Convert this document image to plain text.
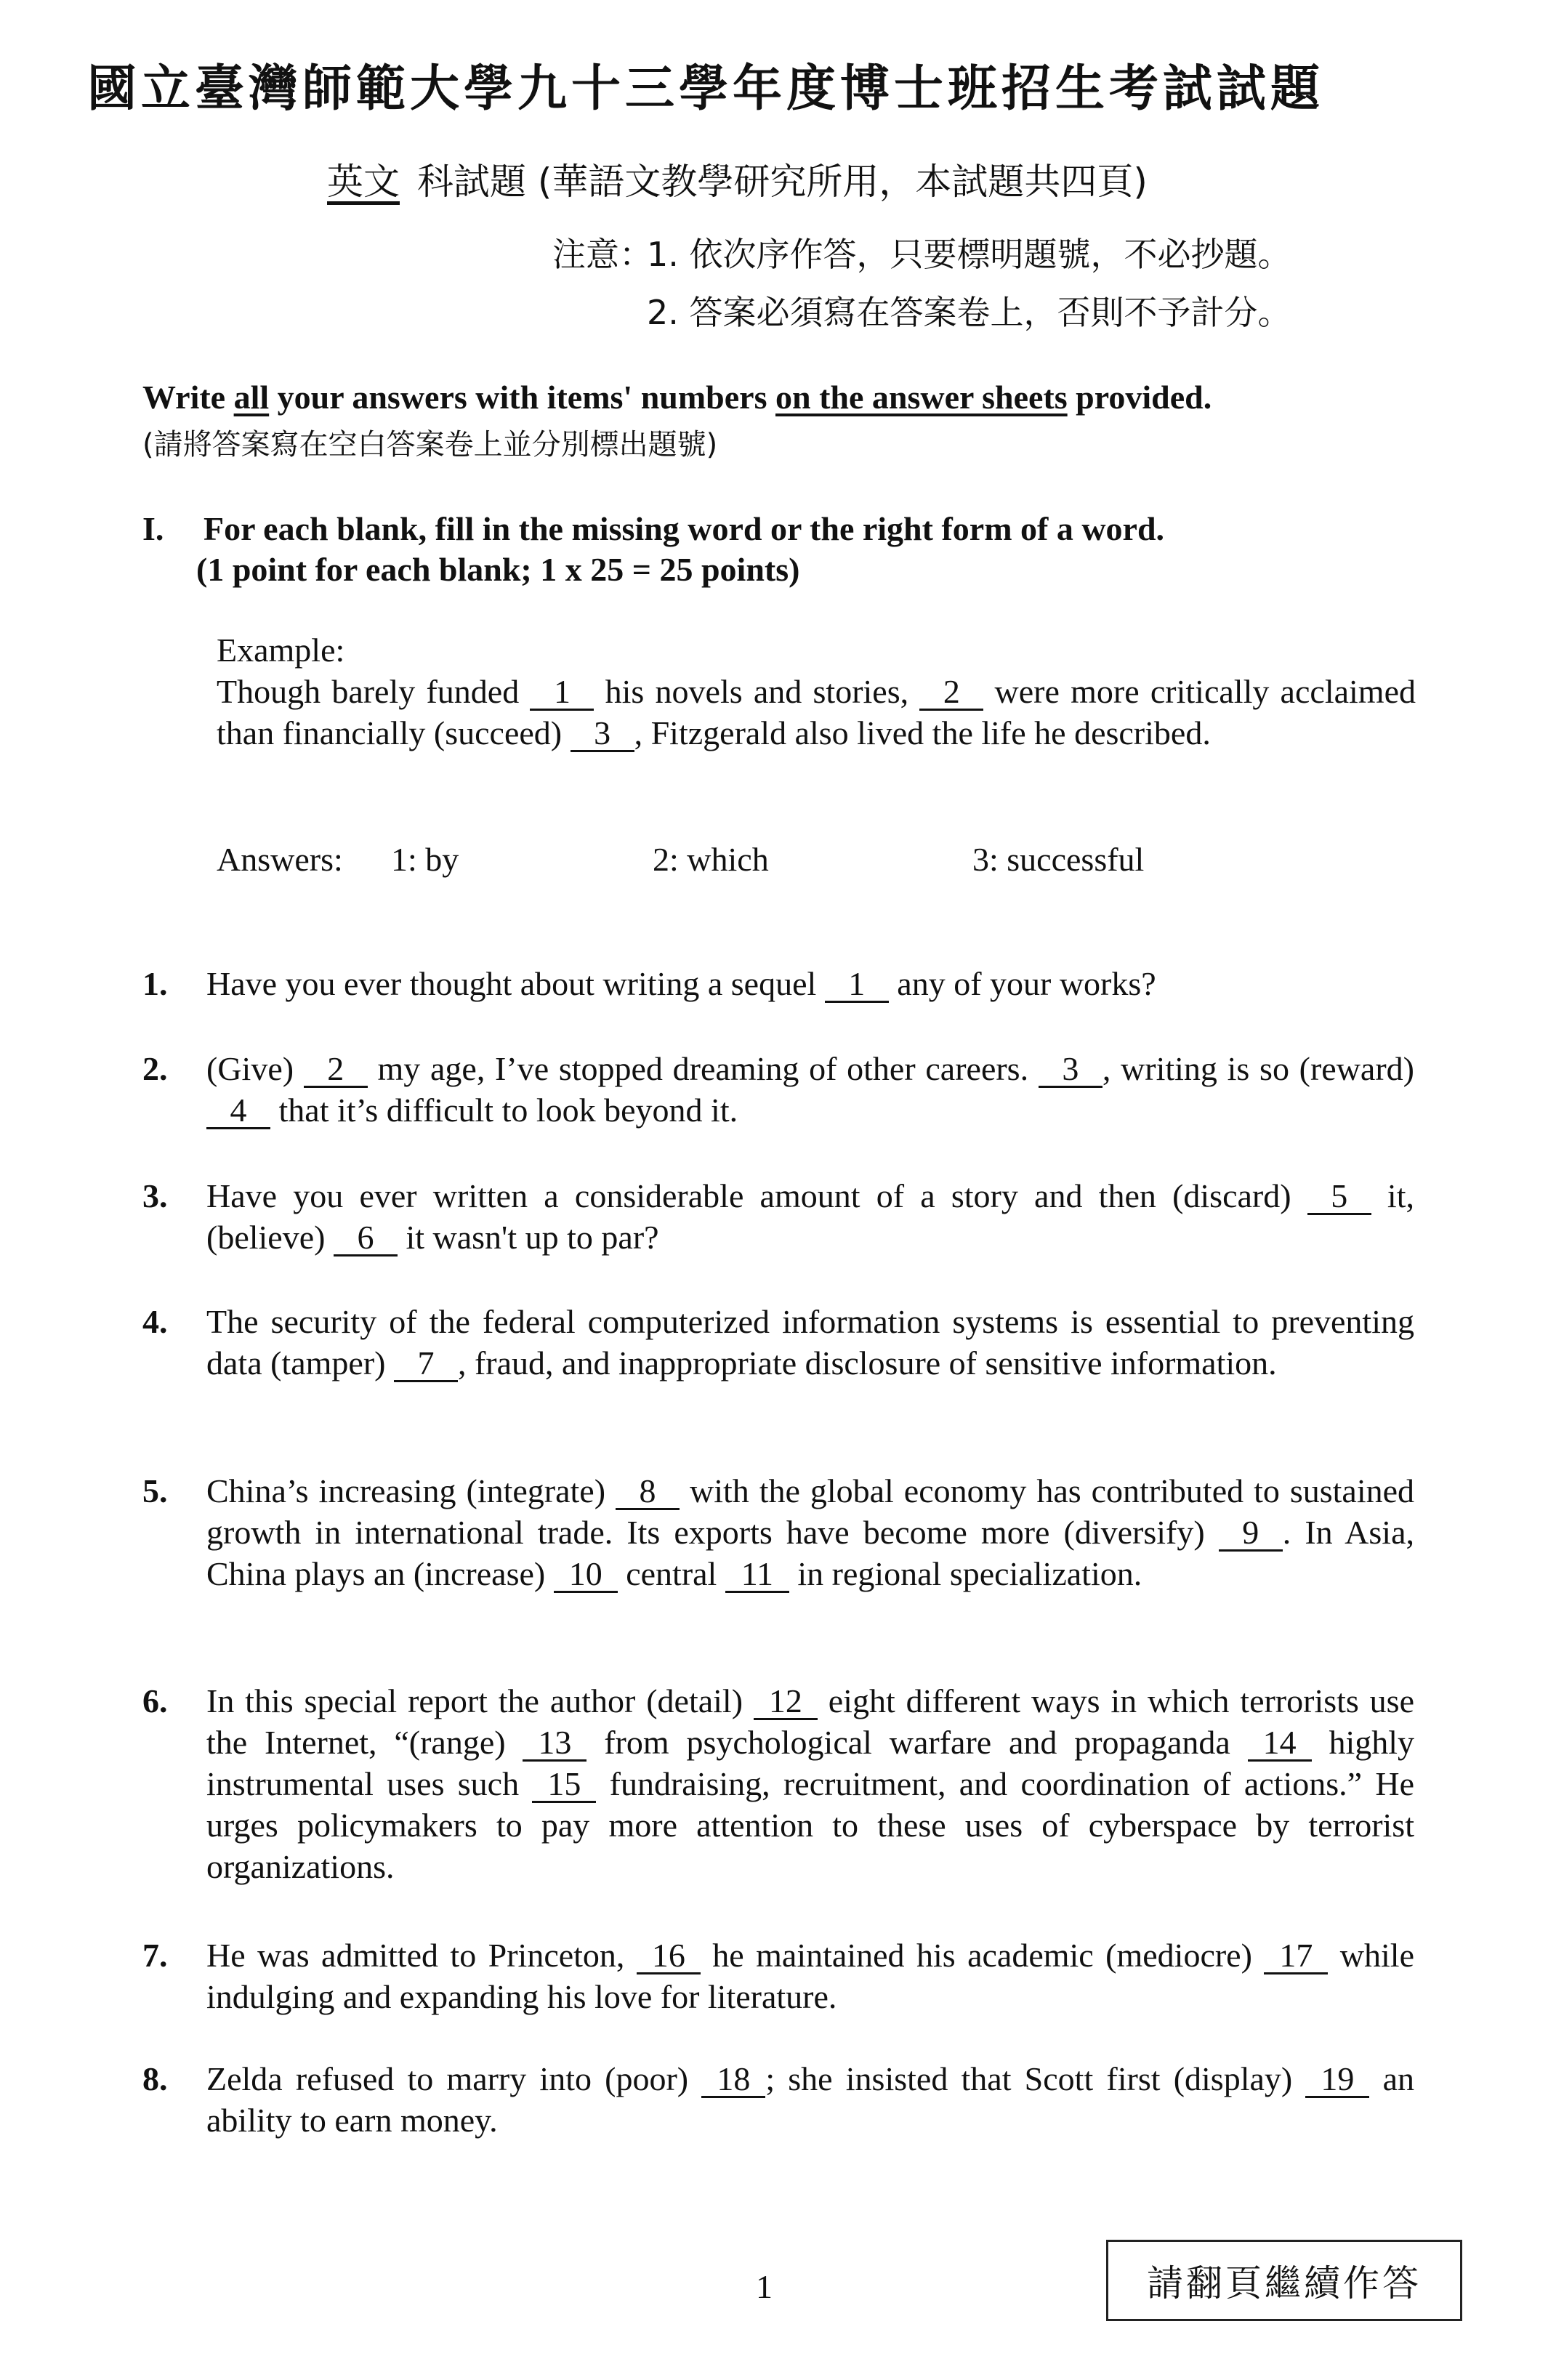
國立臺灣師範大學九十三學年度博士班招生考試試題
英文 科試題 (華語文教學研究所用，本試題共四頁)
注意：1. 依次序作答，只要標明題號，不必抄題。
2. 答案必須寫在答案卷上，否則不予計分。
Write all your answers with items' numbers on the answer sheets provided.
(請將答案寫在空白答案卷上並分別標出題號)
I. For each blank, fill in the missing word or the right form of a word.
(1 point for each blank; 1 x 25 = 25 points)
Example:
Though barely funded 1 his novels and stories, 2 were more critically acclaimed than financially (succeed) 3 , Fitzgerald also lived the life he described.
Answers: 1: by	2: which	3: successful
1. Have you ever thought about writing a sequel 1 any of your works?
2. (Give) 2 my age, I’ve stopped dreaming of other careers. 3 , writing is so (reward) 4 that it’s difficult to look beyond it.
3. Have you ever written a considerable amount of a story and then (discard) 5 it, (believe) 6 it wasn't up to par?
4. The security of the federal computerized information systems is essential to preventing data (tamper) 7 , fraud, and inappropriate disclosure of sensitive information.
5. China’s increasing (integrate) 8 with the global economy has contributed to sustained growth in international trade. Its exports have become more (diversify) 9 . In Asia, China plays an (increase) 10 central 11 in regional specialization.
6. In this special report the author (detail) 12 eight different ways in which terrorists use the Internet, “(range) 13 from psychological warfare and propaganda 14 highly instrumental uses such 15 fundraising, recruitment, and coordination of actions.” He urges policymakers to pay more attention to these uses of cyberspace by terrorist organizations.
7. He was admitted to Princeton, 16 he maintained his academic (mediocre) 17 while indulging and expanding his love for literature.
8. Zelda refused to marry into (poor) 18 ; she insisted that Scott first (display) 19 an ability to earn money.
1	請翻頁繼續作答
